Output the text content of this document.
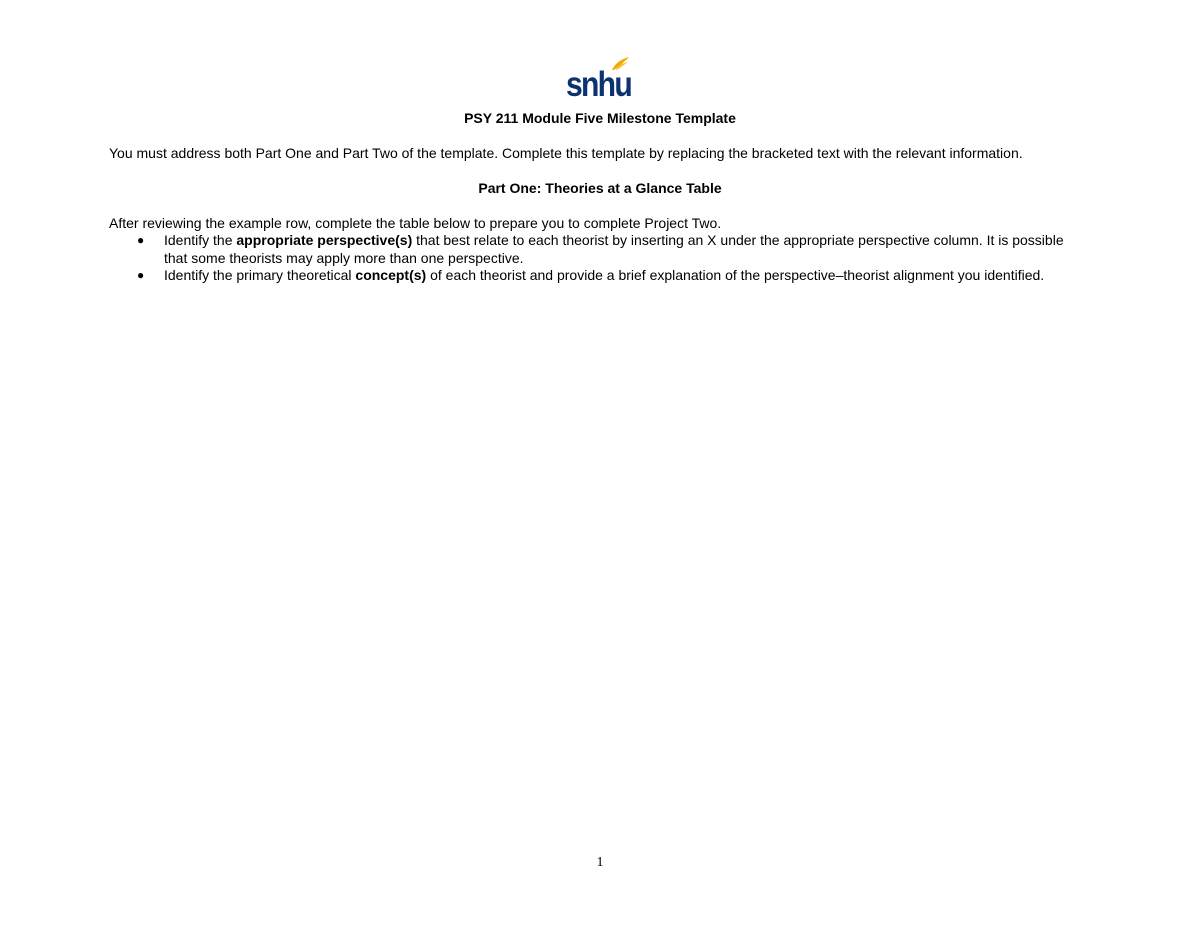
snhu

PSY 211 Module Five Milestone Template

You must address both Part One and Part Two of the template. Complete this template by replacing the bracketed text with the relevant information.

Part One: Theories at a Glance Table

After reviewing the example row, complete the table below to prepare you to complete Project Two.

● Identify the appropriate perspective(s) that best relate to each theorist by inserting an X under the appropriate perspective column. It is possible that some theorists may apply more than one perspective.
● Identify the primary theoretical concept(s) of each theorist and provide a brief explanation of the perspective–theorist alignment you identified.

1
